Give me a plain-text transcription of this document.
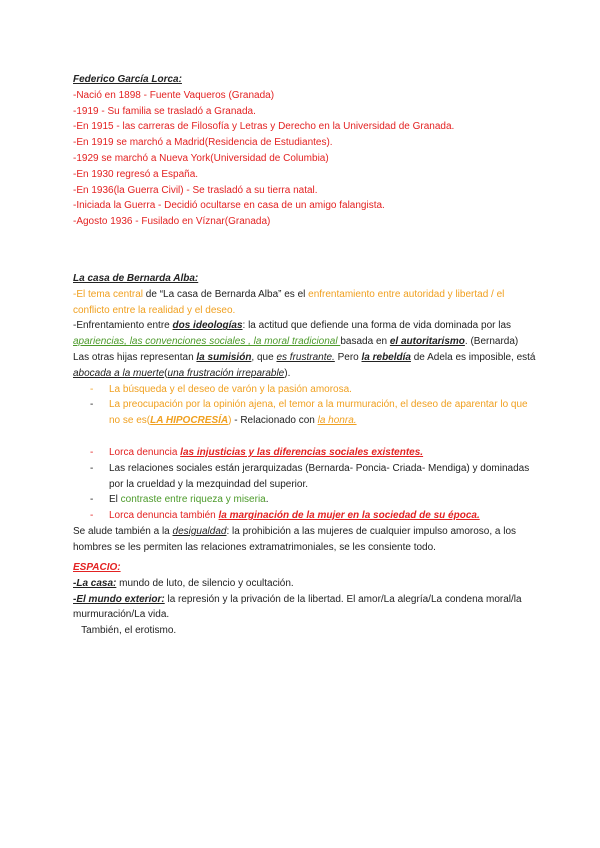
Federico García Lorca:
-Nació en 1898 - Fuente Vaqueros (Granada)
-1919 - Su familia se trasladó a Granada.
-En 1915 - las carreras de Filosofía y Letras y Derecho en la Universidad de Granada.
-En 1919 se marchó a Madrid(Residencia de Estudiantes).
-1929 se marchó a Nueva York(Universidad de Columbia)
-En 1930 regresó a España.
-En 1936(la Guerra Civil) - Se trasladó a su tierra natal.
-Iniciada la Guerra - Decidió ocultarse en casa de un amigo falangista.
-Agosto 1936 - Fusilado en Víznar(Granada)
La casa de Bernarda Alba:
-El tema central de “La casa de Bernarda Alba” es el enfrentamiento entre autoridad y libertad / el
conflicto entre la realidad y el deseo.
-Enfrentamiento entre dos ideologías: la actitud que defiende una forma de vida dominada por las
apariencias, las convenciones sociales , la moral tradicional basada en el autoritarismo. (Bernarda)
Las otras hijas representan la sumisión, que es frustrante. Pero la rebeldía de Adela es imposible, está
abocada a la muerte(una frustración irreparable).
- La búsqueda y el deseo de varón y la pasión amorosa.
- La preocupación por la opinión ajena, el temor a la murmuración, el deseo de aparentar lo que
no se es(LA HIPOCRESÍA) - Relacionado con la honra.
- Lorca denuncia las injusticias y las diferencias sociales existentes.
- Las relaciones sociales están jerarquizadas (Bernarda- Poncia- Criada- Mendiga) y dominadas
por la crueldad y la mezquindad del superior.
- El contraste entre riqueza y miseria.
- Lorca denuncia también la marginación de la mujer en la sociedad de su época.
Se alude también a la desigualdad: la prohibición a las mujeres de cualquier impulso amoroso, a los
hombres se les permiten las relaciones extramatrimoniales, se les consiente todo.
ESPACIO:
-La casa: mundo de luto, de silencio y ocultación.
-El mundo exterior: la represión y la privación de la libertad. El amor/La alegría/La condena moral/la
murmuración/La vida.
También, el erotismo.
